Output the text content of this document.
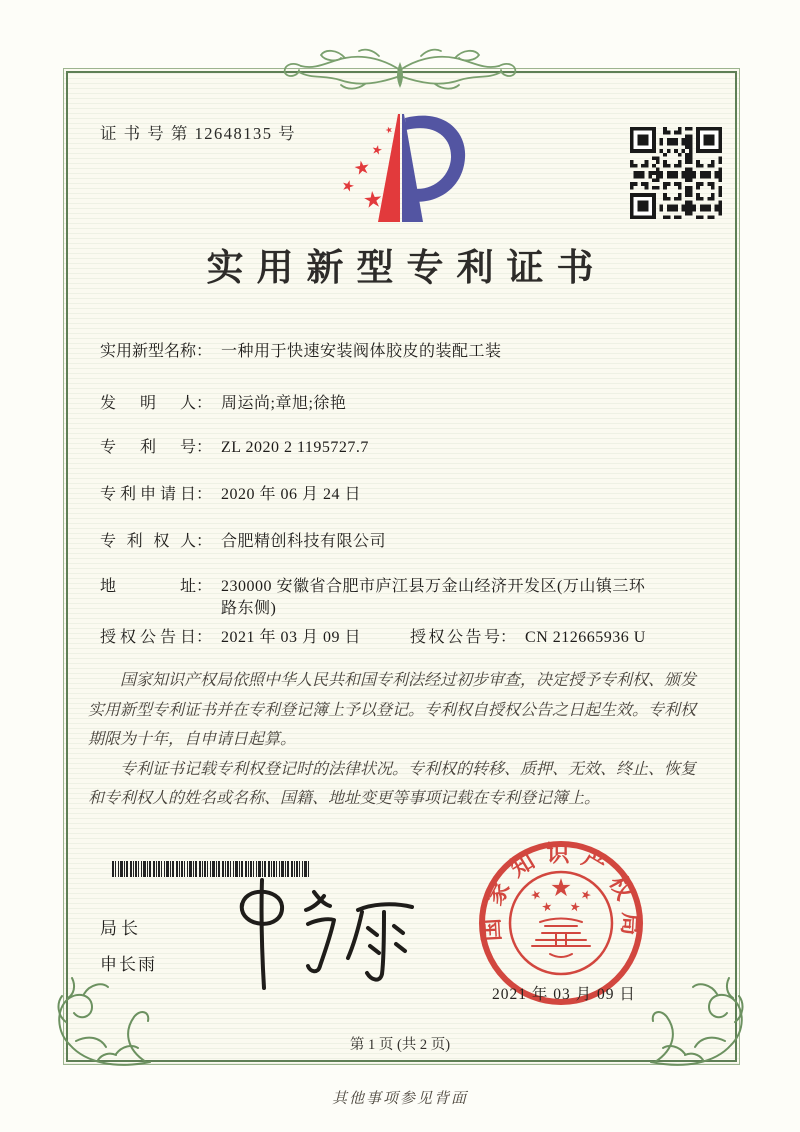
证 书 号 第 12648135 号
实用新型专利证书
实用新型名称 ： 一种用于快速安装阀体胶皮的装配工装
发明人 ： 周运尚;章旭;徐艳
专利号 ： ZL 2020 2 1195727.7
专利申请日 ： 2020 年 06 月 24 日
专利权人 ： 合肥精创科技有限公司
地址 ： 230000 安徽省合肥市庐江县万金山经济开发区(万山镇三环路东侧)
授权公告日 ： 2021 年 03 月 09 日	授权公告号 ： CN 212665936 U

国家知识产权局依照中华人民共和国专利法经过初步审查，决定授予专利权、颁发实用新型专利证书并在专利登记簿上予以登记。专利权自授权公告之日起生效。专利权期限为十年，自申请日起算。

专利证书记载专利权登记时的法律状况。专利权的转移、质押、无效、终止、恢复和专利权人的姓名或名称、国籍、地址变更等事项记载在专利登记簿上。

局长
申长雨
国家知识产权局
2021 年 03 月 09 日
第 1 页 (共 2 页)
其他事项参见背面
